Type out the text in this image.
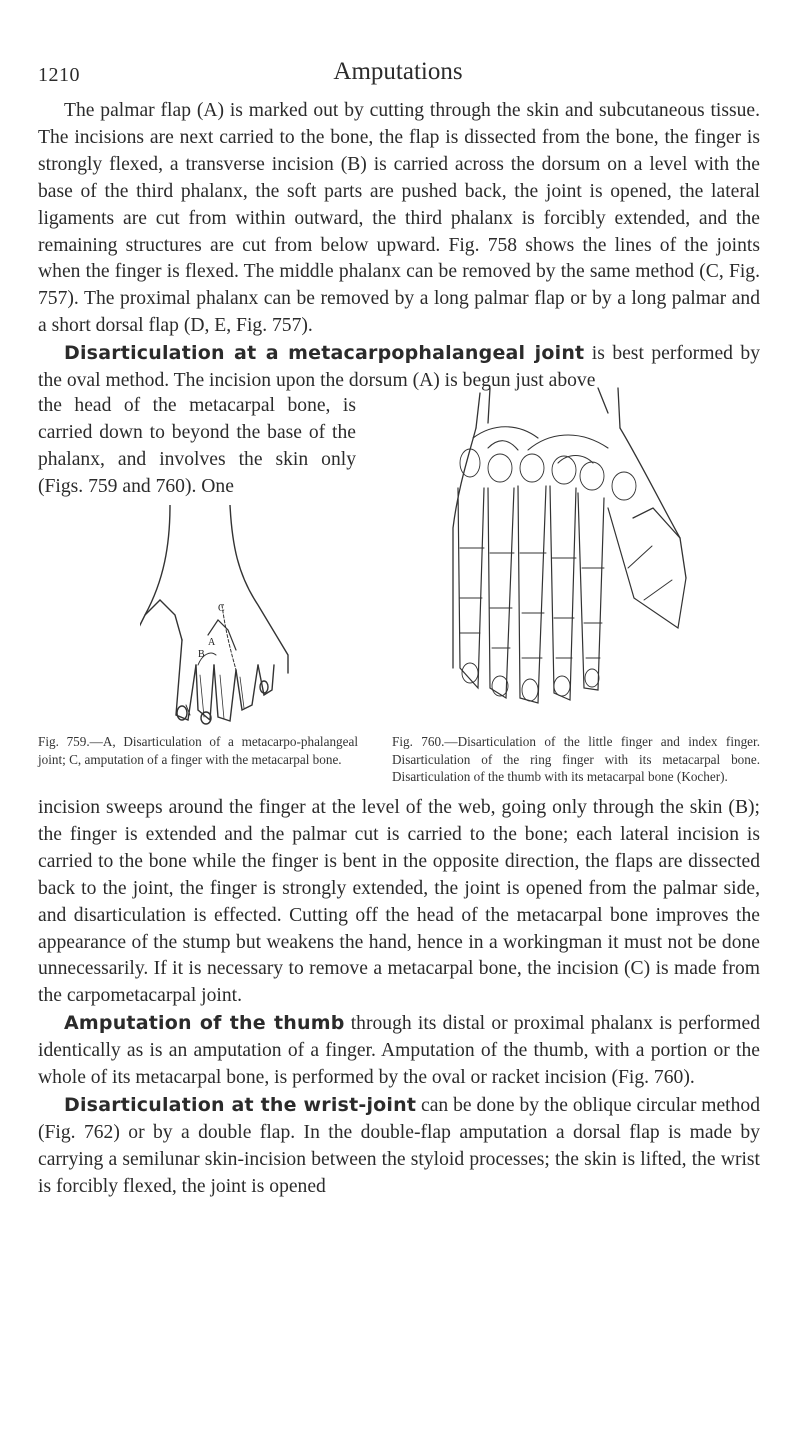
1210	Amputations

The palmar flap (A) is marked out by cutting through the skin and subcutaneous tissue. The incisions are next carried to the bone, the flap is dissected from the bone, the finger is strongly flexed, a transverse incision (B) is carried across the dorsum on a level with the base of the third phalanx, the soft parts are pushed back, the joint is opened, the lateral ligaments are cut from within outward, the third phalanx is forcibly extended, and the remaining structures are cut from below upward. Fig. 758 shows the lines of the joints when the finger is flexed. The middle phalanx can be removed by the same method (C, Fig. 757). The proximal phalanx can be removed by a long palmar flap or by a long palmar and a short dorsal flap (D, E, Fig. 757).

Disarticulation at a metacarpophalangeal joint is best performed by the oval method. The incision upon the dorsum (A) is begun just above

the head of the metacarpal bone, is carried down to beyond the base of the phalanx, and involves the skin only (Figs. 759 and 760). One

C
A
B

Fig. 759.—A, Disarticulation of a metacarpo-phalangeal joint; C, amputation of a finger with the metacarpal bone.

Fig. 760.—Disarticulation of the little finger and index finger. Disarticulation of the ring finger with its metacarpal bone. Disarticulation of the thumb with its metacarpal bone (Kocher).

incision sweeps around the finger at the level of the web, going only through the skin (B); the finger is extended and the palmar cut is carried to the bone; each lateral incision is carried to the bone while the finger is bent in the opposite direction, the flaps are dissected back to the joint, the finger is strongly extended, the joint is opened from the palmar side, and disarticulation is effected. Cutting off the head of the metacarpal bone improves the appearance of the stump but weakens the hand, hence in a workingman it must not be done unnecessarily. If it is necessary to remove a metacarpal bone, the incision (C) is made from the carpometacarpal joint.

Amputation of the thumb through its distal or proximal phalanx is performed identically as is an amputation of a finger. Amputation of the thumb, with a portion or the whole of its metacarpal bone, is performed by the oval or racket incision (Fig. 760).

Disarticulation at the wrist-joint can be done by the oblique circular method (Fig. 762) or by a double flap. In the double-flap amputation a dorsal flap is made by carrying a semilunar skin-incision between the styloid processes; the skin is lifted, the wrist is forcibly flexed, the joint is opened
